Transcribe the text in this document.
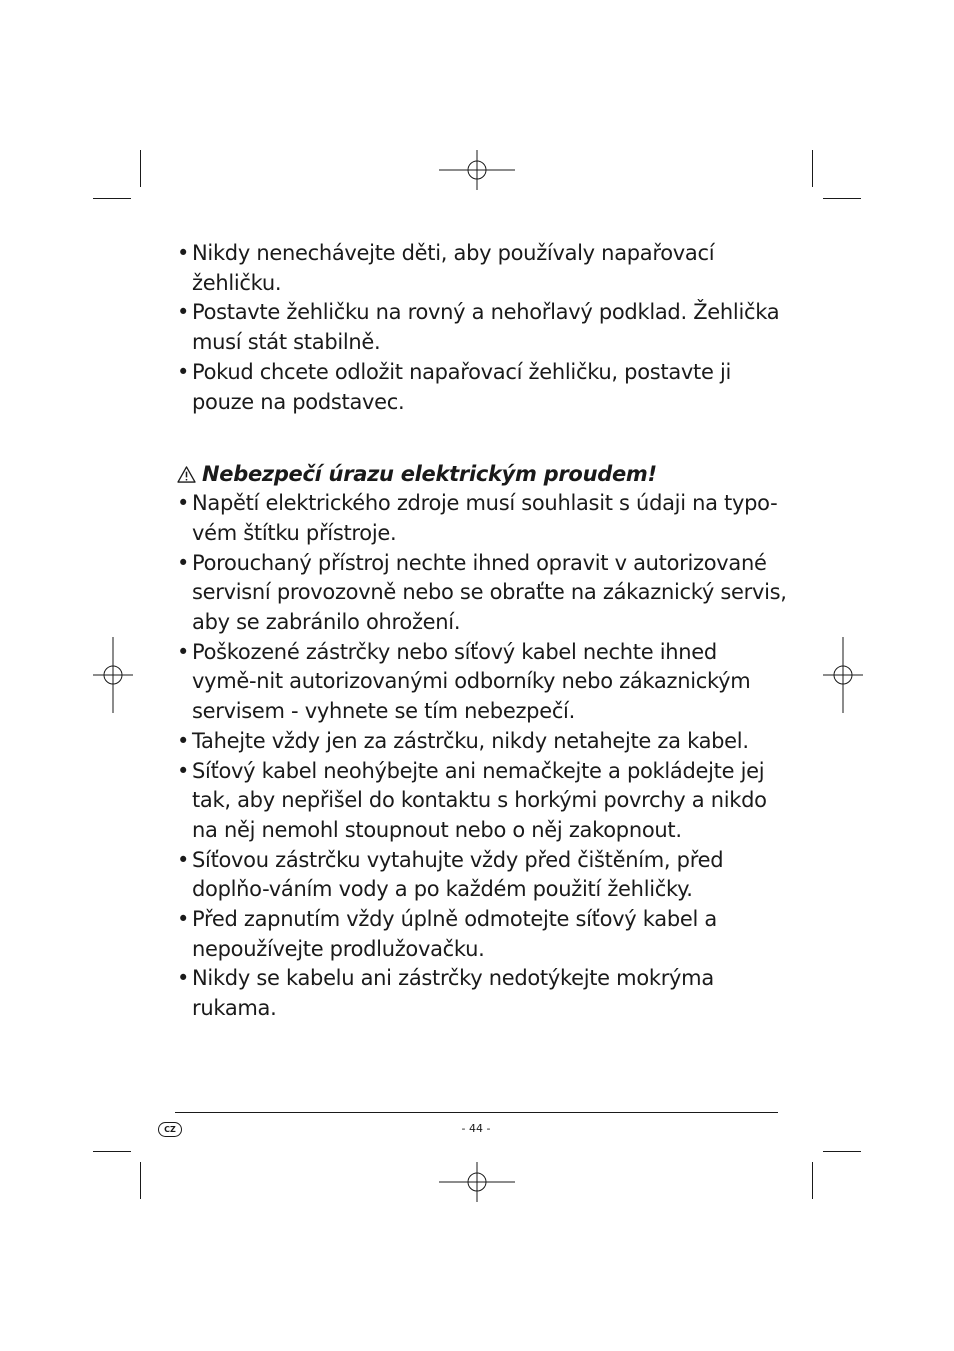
• Nikdy nenechávejte děti, aby používaly napařovací žehličku.
• Postavte žehličku na rovný a nehořlavý podklad. Žehlička musí stát stabilně.
• Pokud chcete odložit napařovací žehličku, postavte ji pouze na podstavec.
Nebezpečí úrazu elektrickým proudem!
• Napětí elektrického zdroje musí souhlasit s údaji na typo-vém štítku přístroje.
• Porouchaný přístroj nechte ihned opravit v autorizované servisní provozovně nebo se obraťte na zákaznický servis, aby se zabránilo ohrožení.
• Poškozené zástrčky nebo síťový kabel nechte ihned vymě-nit autorizovanými odborníky nebo zákaznickým servisem - vyhnete se tím nebezpečí.
• Tahejte vždy jen za zástrčku, nikdy netahejte za kabel.
• Síťový kabel neohýbejte ani nemačkejte a pokládejte jej tak, aby nepřišel do kontaktu s horkými povrchy a nikdo na něj nemohl stoupnout nebo o něj zakopnout.
• Síťovou zástrčku vytahujte vždy před čištěním, před doplňo-váním vody a po každém použití žehličky.
• Před zapnutím vždy úplně odmotejte síťový kabel a nepoužívejte prodlužovačku.
• Nikdy se kabelu ani zástrčky nedotýkejte mokrýma rukama.
CZ	- 44 -
